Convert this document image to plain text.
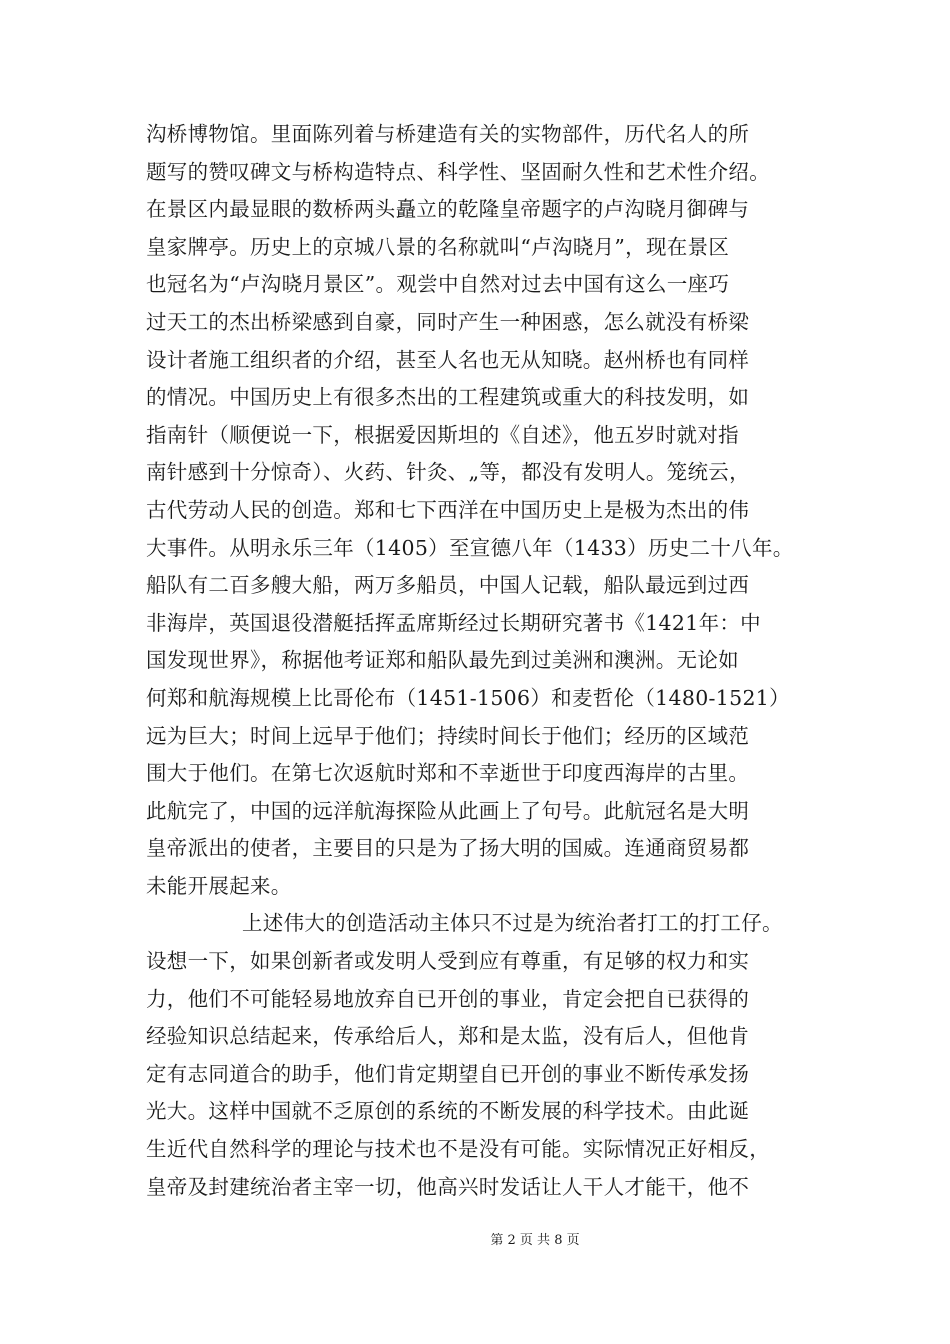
沟桥博物馆。里面陈列着与桥建造有关的实物部件，历代名人的所
题写的赞叹碑文与桥构造特点、科学性、坚固耐久性和艺术性介绍。
在景区内最显眼的数桥两头矗立的乾隆皇帝题字的卢沟晓月御碑与
皇家牌亭。历史上的京城八景的名称就叫“卢沟晓月”，现在景区
也冠名为“卢沟晓月景区”。观尝中自然对过去中国有这么一座巧
过天工的杰出桥梁感到自豪，同时产生一种困惑，怎么就没有桥梁
设计者施工组织者的介绍，甚至人名也无从知晓。赵州桥也有同样
的情况。中国历史上有很多杰出的工程建筑或重大的科技发明，如
指南针（顺便说一下，根据爱因斯坦的《自述》，他五岁时就对指
南针感到十分惊奇）、火药、针灸、„等，都没有发明人。笼统云，
古代劳动人民的创造。郑和七下西洋在中国历史上是极为杰出的伟
大事件。从明永乐三年（1405）至宣德八年（1433）历史二十八年。
船队有二百多艘大船，两万多船员，中国人记载，船队最远到过西
非海岸，英国退役潜艇括挥孟席斯经过长期研究著书《1421年：中
国发现世界》，称据他考证郑和船队最先到过美洲和澳洲。无论如
何郑和航海规模上比哥伦布（1451-1506）和麦哲伦（1480-1521）
远为巨大；时间上远早于他们；持续时间长于他们；经历的区域范
围大于他们。在第七次返航时郑和不幸逝世于印度西海岸的古里。
此航完了，中国的远洋航海探险从此画上了句号。此航冠名是大明
皇帝派出的使者，主要目的只是为了扬大明的国威。连通商贸易都
未能开展起来。
上述伟大的创造活动主体只不过是为统治者打工的打工仔。
设想一下，如果创新者或发明人受到应有尊重，有足够的权力和实
力，他们不可能轻易地放弃自已开创的事业，肯定会把自已获得的
经验知识总结起来，传承给后人，郑和是太监，没有后人，但他肯
定有志同道合的助手，他们肯定期望自已开创的事业不断传承发扬
光大。这样中国就不乏原创的系统的不断发展的科学技术。由此诞
生近代自然科学的理论与技术也不是没有可能。实际情况正好相反，
皇帝及封建统治者主宰一切，他高兴时发话让人干人才能干，他不
第 2 页 共 8 页
